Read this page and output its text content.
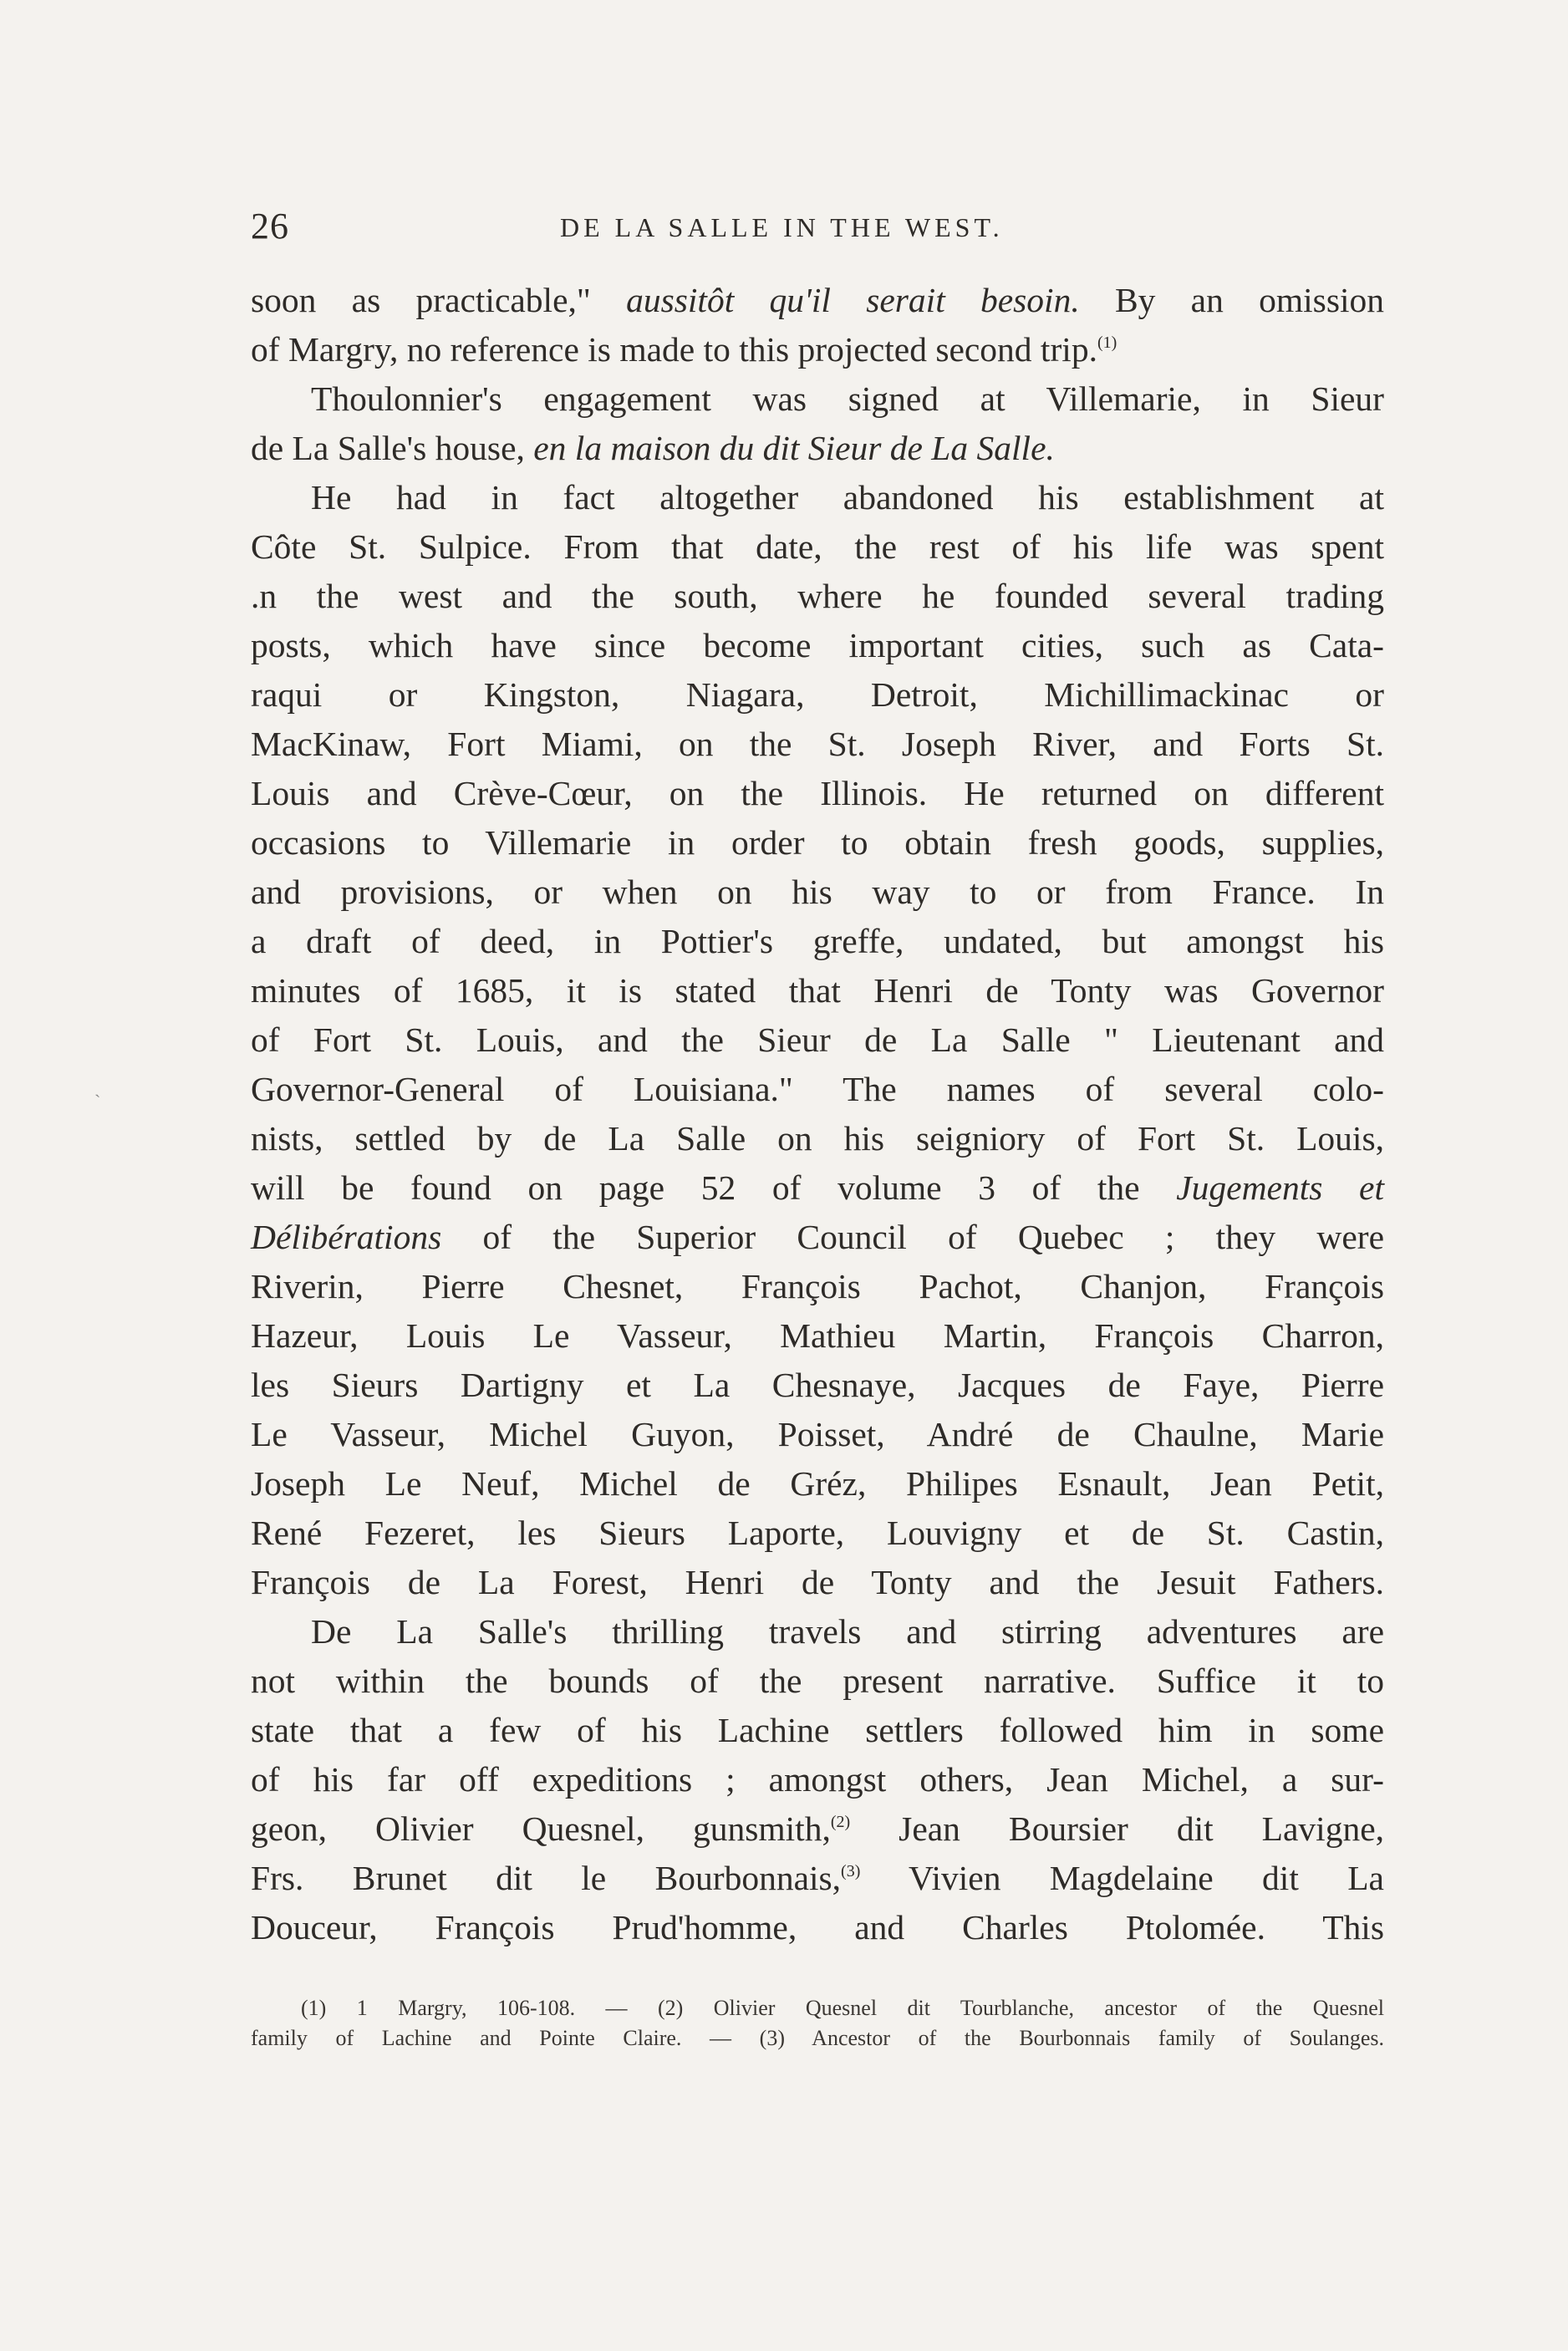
26	DE LA SALLE IN THE WEST.
`
soon as practicable," aussitôt qu'il serait besoin. By an omission
of Margry, no reference is made to this projected second trip.$^{(1)}$
Thoulonnier's engagement was signed at Villemarie, in Sieur
de La Salle's house, en la maison du dit Sieur de La Salle.
He had in fact altogether abandoned his establishment at
Côte St. Sulpice. From that date, the rest of his life was spent
.n the west and the south, where he founded several trading
posts, which have since become important cities, such as Cata-
raqui or Kingston, Niagara, Detroit, Michillimackinac or
MacKinaw, Fort Miami, on the St. Joseph River, and Forts St.
Louis and Crève-Cœur, on the Illinois. He returned on different
occasions to Villemarie in order to obtain fresh goods, supplies,
and provisions, or when on his way to or from France. In
a draft of deed, in Pottier's greffe, undated, but amongst his
minutes of 1685, it is stated that Henri de Tonty was Governor
of Fort St. Louis, and the Sieur de La Salle " Lieutenant and
Governor-General of Louisiana." The names of several colo-
nists, settled by de La Salle on his seigniory of Fort St. Louis,
will be found on page 52 of volume 3 of the Jugements et
Délibérations of the Superior Council of Quebec ; they were
Riverin, Pierre Chesnet, François Pachot, Chanjon, François
Hazeur, Louis Le Vasseur, Mathieu Martin, François Charron,
les Sieurs Dartigny et La Chesnaye, Jacques de Faye, Pierre
Le Vasseur, Michel Guyon, Poisset, André de Chaulne, Marie
Joseph Le Neuf, Michel de Gréz, Philipes Esnault, Jean Petit,
René Fezeret, les Sieurs Laporte, Louvigny et de St. Castin,
François de La Forest, Henri de Tonty and the Jesuit Fathers.
De La Salle's thrilling travels and stirring adventures are
not within the bounds of the present narrative. Suffice it to
state that a few of his Lachine settlers followed him in some
of his far off expeditions ; amongst others, Jean Michel, a sur-
geon, Olivier Quesnel, gunsmith,$^{(2)}$ Jean Boursier dit Lavigne,
Frs. Brunet dit le Bourbonnais,$^{(3)}$ Vivien Magdelaine dit La
Douceur, François Prud'homme, and Charles Ptolomée. This
(1) 1 Margry, 106-108. — (2) Olivier Quesnel dit Tourblanche, ancestor of the Quesnel
family of Lachine and Pointe Claire. — (3) Ancestor of the Bourbonnais family of Soulanges.
